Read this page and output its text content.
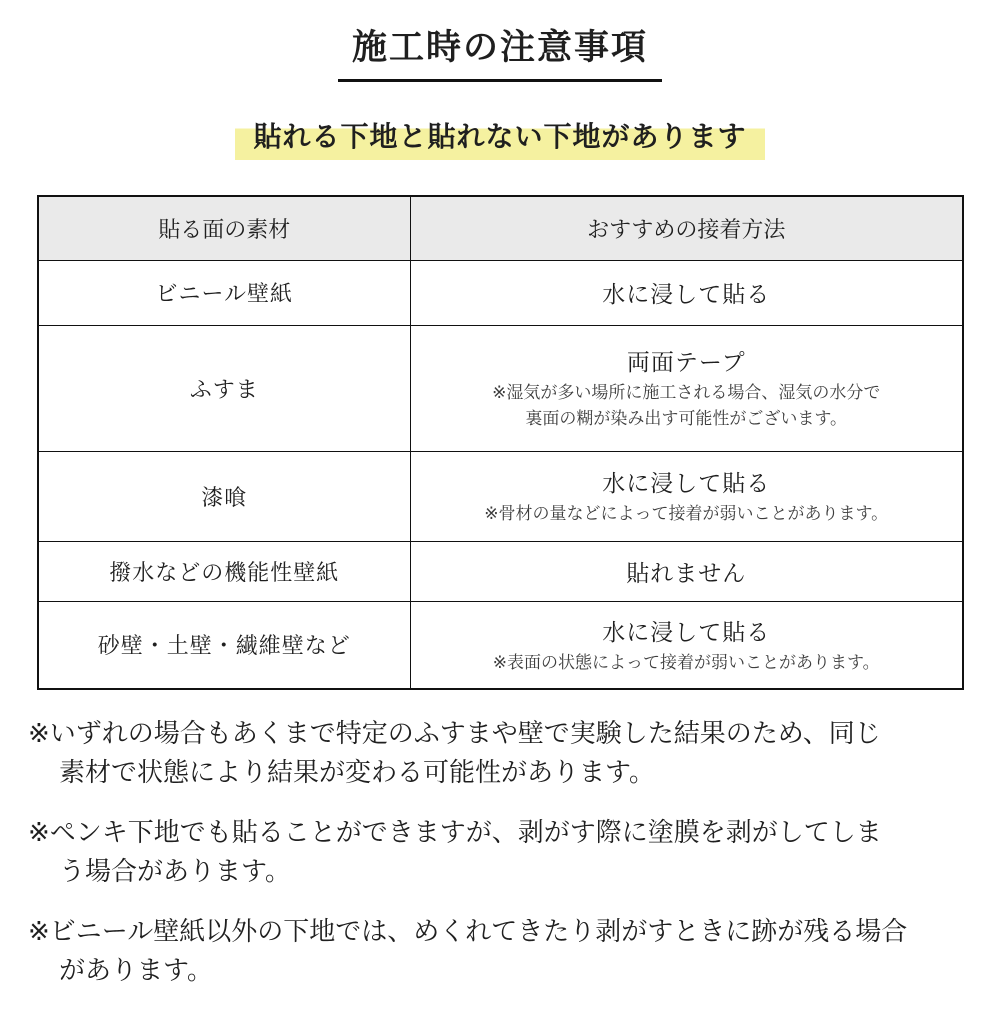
施工時の注意事項
貼れる下地と貼れない下地があります
貼る面の素材	おすすめの接着方法
ビニール壁紙	水に浸して貼る

ふすま	両面テープ
※湿気が多い場所に施工される場合、湿気の水分で
裏面の糊が染み出す可能性がございます。

漆喰	水に浸して貼る
※骨材の量などによって接着が弱いことがあります。

撥水などの機能性壁紙	貼れません

砂壁・土壁・繊維壁など	水に浸して貼る
※表面の状態によって接着が弱いことがあります。
※いずれの場合もあくまで特定のふすまや壁で実験した結果のため、同じ
素材で状態により結果が変わる可能性があります。
※ペンキ下地でも貼ることができますが、剥がす際に塗膜を剥がしてしま
う場合があります。
※ビニール壁紙以外の下地では、めくれてきたり剥がすときに跡が残る場合
があります。
